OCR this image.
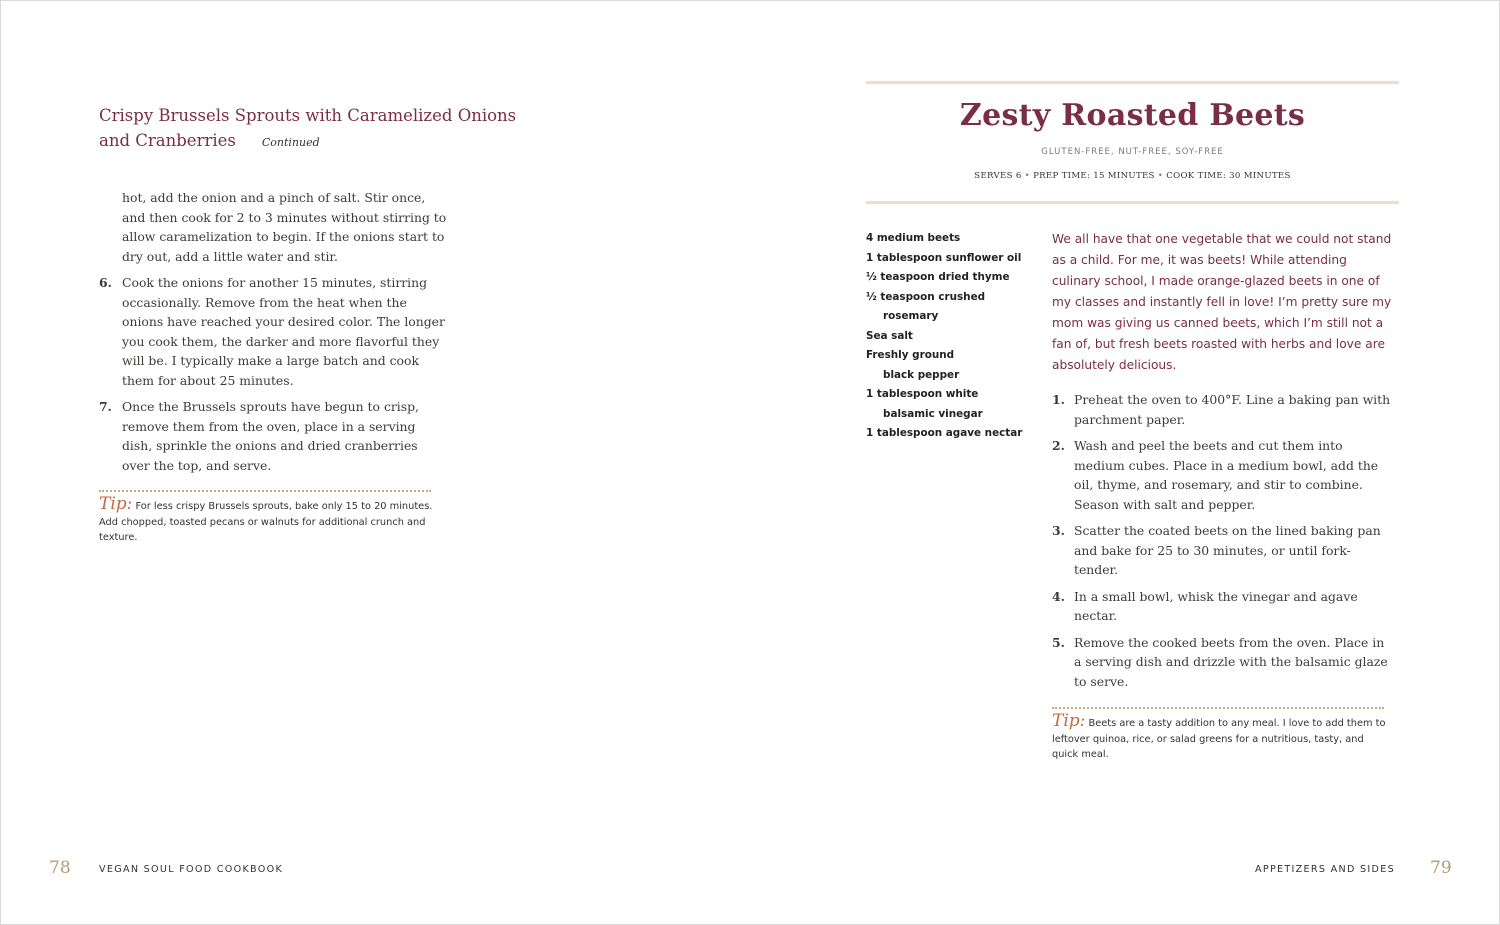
Crispy Brussels Sprouts with Caramelized Onions
and Cranberries Continued
hot, add the onion and a pinch of salt. Stir once, and then cook for 2 to 3 minutes without stirring to allow caramelization to begin. If the onions start to dry out, add a little water and stir.
6. Cook the onions for another 15 minutes, stirring occasionally. Remove from the heat when the onions have reached your desired color. The longer you cook them, the darker and more flavorful they will be. I typically make a large batch and cook them for about 25 minutes.
7. Once the Brussels sprouts have begun to crisp, remove them from the oven, place in a serving dish, sprinkle the onions and dried cranberries over the top, and serve.
Tip: For less crispy Brussels sprouts, bake only 15 to 20 minutes. Add chopped, toasted pecans or walnuts for additional crunch and texture.
Zesty Roasted Beets
GLUTEN-FREE, NUT-FREE, SOY-FREE
SERVES 6 • PREP TIME: 15 MINUTES • COOK TIME: 30 MINUTES
4 medium beets
1 tablespoon sunflower oil
½ teaspoon dried thyme
½ teaspoon crushed
rosemary
Sea salt
Freshly ground
black pepper
1 tablespoon white
balsamic vinegar
1 tablespoon agave nectar
We all have that one vegetable that we could not stand as a child. For me, it was beets! While attending culinary school, I made orange-glazed beets in one of my classes and instantly fell in love! I’m pretty sure my mom was giving us canned beets, which I’m still not a fan of, but fresh beets roasted with herbs and love are absolutely delicious.
1. Preheat the oven to 400°F. Line a baking pan with parchment paper.
2. Wash and peel the beets and cut them into medium cubes. Place in a medium bowl, add the oil, thyme, and rosemary, and stir to combine. Season with salt and pepper.
3. Scatter the coated beets on the lined baking pan and bake for 25 to 30 minutes, or until fork-tender.
4. In a small bowl, whisk the vinegar and agave nectar.
5. Remove the cooked beets from the oven. Place in a serving dish and drizzle with the balsamic glaze to serve.
Tip: Beets are a tasty addition to any meal. I love to add them to leftover quinoa, rice, or salad greens for a nutritious, tasty, and quick meal.
78	VEGAN SOUL FOOD COOKBOOK	APPETIZERS AND SIDES 79
